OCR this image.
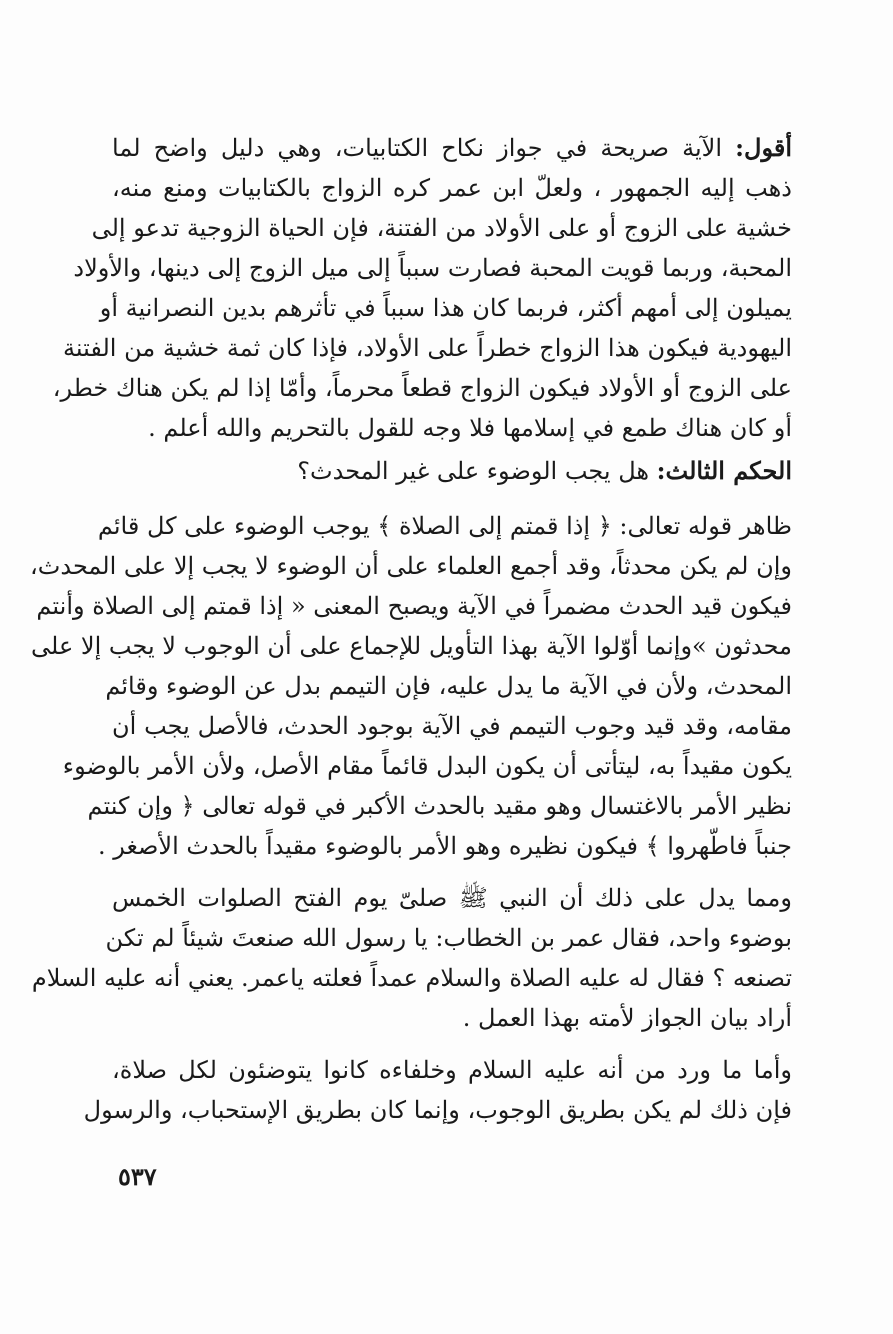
أقول: الآية صريحة في جواز نكاح الكتابيات، وهي دليل واضح لما
ذهب إليه الجمهور ، ولعلّ ابن عمر كره الزواج بالكتابيات ومنع منه،
خشية على الزوج أو على الأولاد من الفتنة، فإن الحياة الزوجية تدعو إلى
المحبة، وربما قويت المحبة فصارت سبباً إلى ميل الزوج إلى دينها، والأولاد
يميلون إلى أمهم أكثر، فربما كان هذا سبباً في تأثرهم بدين النصرانية أو
اليهودية فيكون هذا الزواج خطراً على الأولاد، فإذا كان ثمة خشية من الفتنة
على الزوج أو الأولاد فيكون الزواج قطعاً محرماً، وأمّا إذا لم يكن هناك خطر،
أو كان هناك طمع في إسلامها فلا وجه للقول بالتحريم والله أعلم .
الحكم الثالث: هل يجب الوضوء على غير المحدث؟
ظاهر قوله تعالى: ﴿ إذا قمتم إلى الصلاة ﴾ يوجب الوضوء على كل قائم
وإن لم يكن محدثاً، وقد أجمع العلماء على أن الوضوء لا يجب إلا على المحدث،
فيكون قيد الحدث مضمراً في الآية ويصبح المعنى « إذا قمتم إلى الصلاة وأنتم
محدثون »وإنما أوّلوا الآية بهذا التأويل للإجماع على أن الوجوب لا يجب إلا على
المحدث، ولأن في الآية ما يدل عليه، فإن التيمم بدل عن الوضوء وقائم
مقامه، وقد قيد وجوب التيمم في الآية بوجود الحدث، فالأصل يجب أن
يكون مقيداً به، ليتأتى أن يكون البدل قائماً مقام الأصل، ولأن الأمر بالوضوء
نظير الأمر بالاغتسال وهو مقيد بالحدث الأكبر في قوله تعالى ﴿ وإن كنتم
جنباً فاطّهروا ﴾ فيكون نظيره وهو الأمر بالوضوء مقيداً بالحدث الأصغر .
ومما يدل على ذلك أن النبي ﷺ صلىّ يوم الفتح الصلوات الخمس
بوضوء واحد، فقال عمر بن الخطاب: يا رسول الله صنعتَ شيئاً لم تكن
تصنعه ؟ فقال له عليه الصلاة والسلام عمداً فعلته ياعمر. يعني أنه عليه السلام
أراد بيان الجواز لأمته بهذا العمل .
وأما ما ورد من أنه عليه السلام وخلفاءه كانوا يتوضئون لكل صلاة،
فإن ذلك لم يكن بطريق الوجوب، وإنما كان بطريق الإستحباب، والرسول
٥٣٧
